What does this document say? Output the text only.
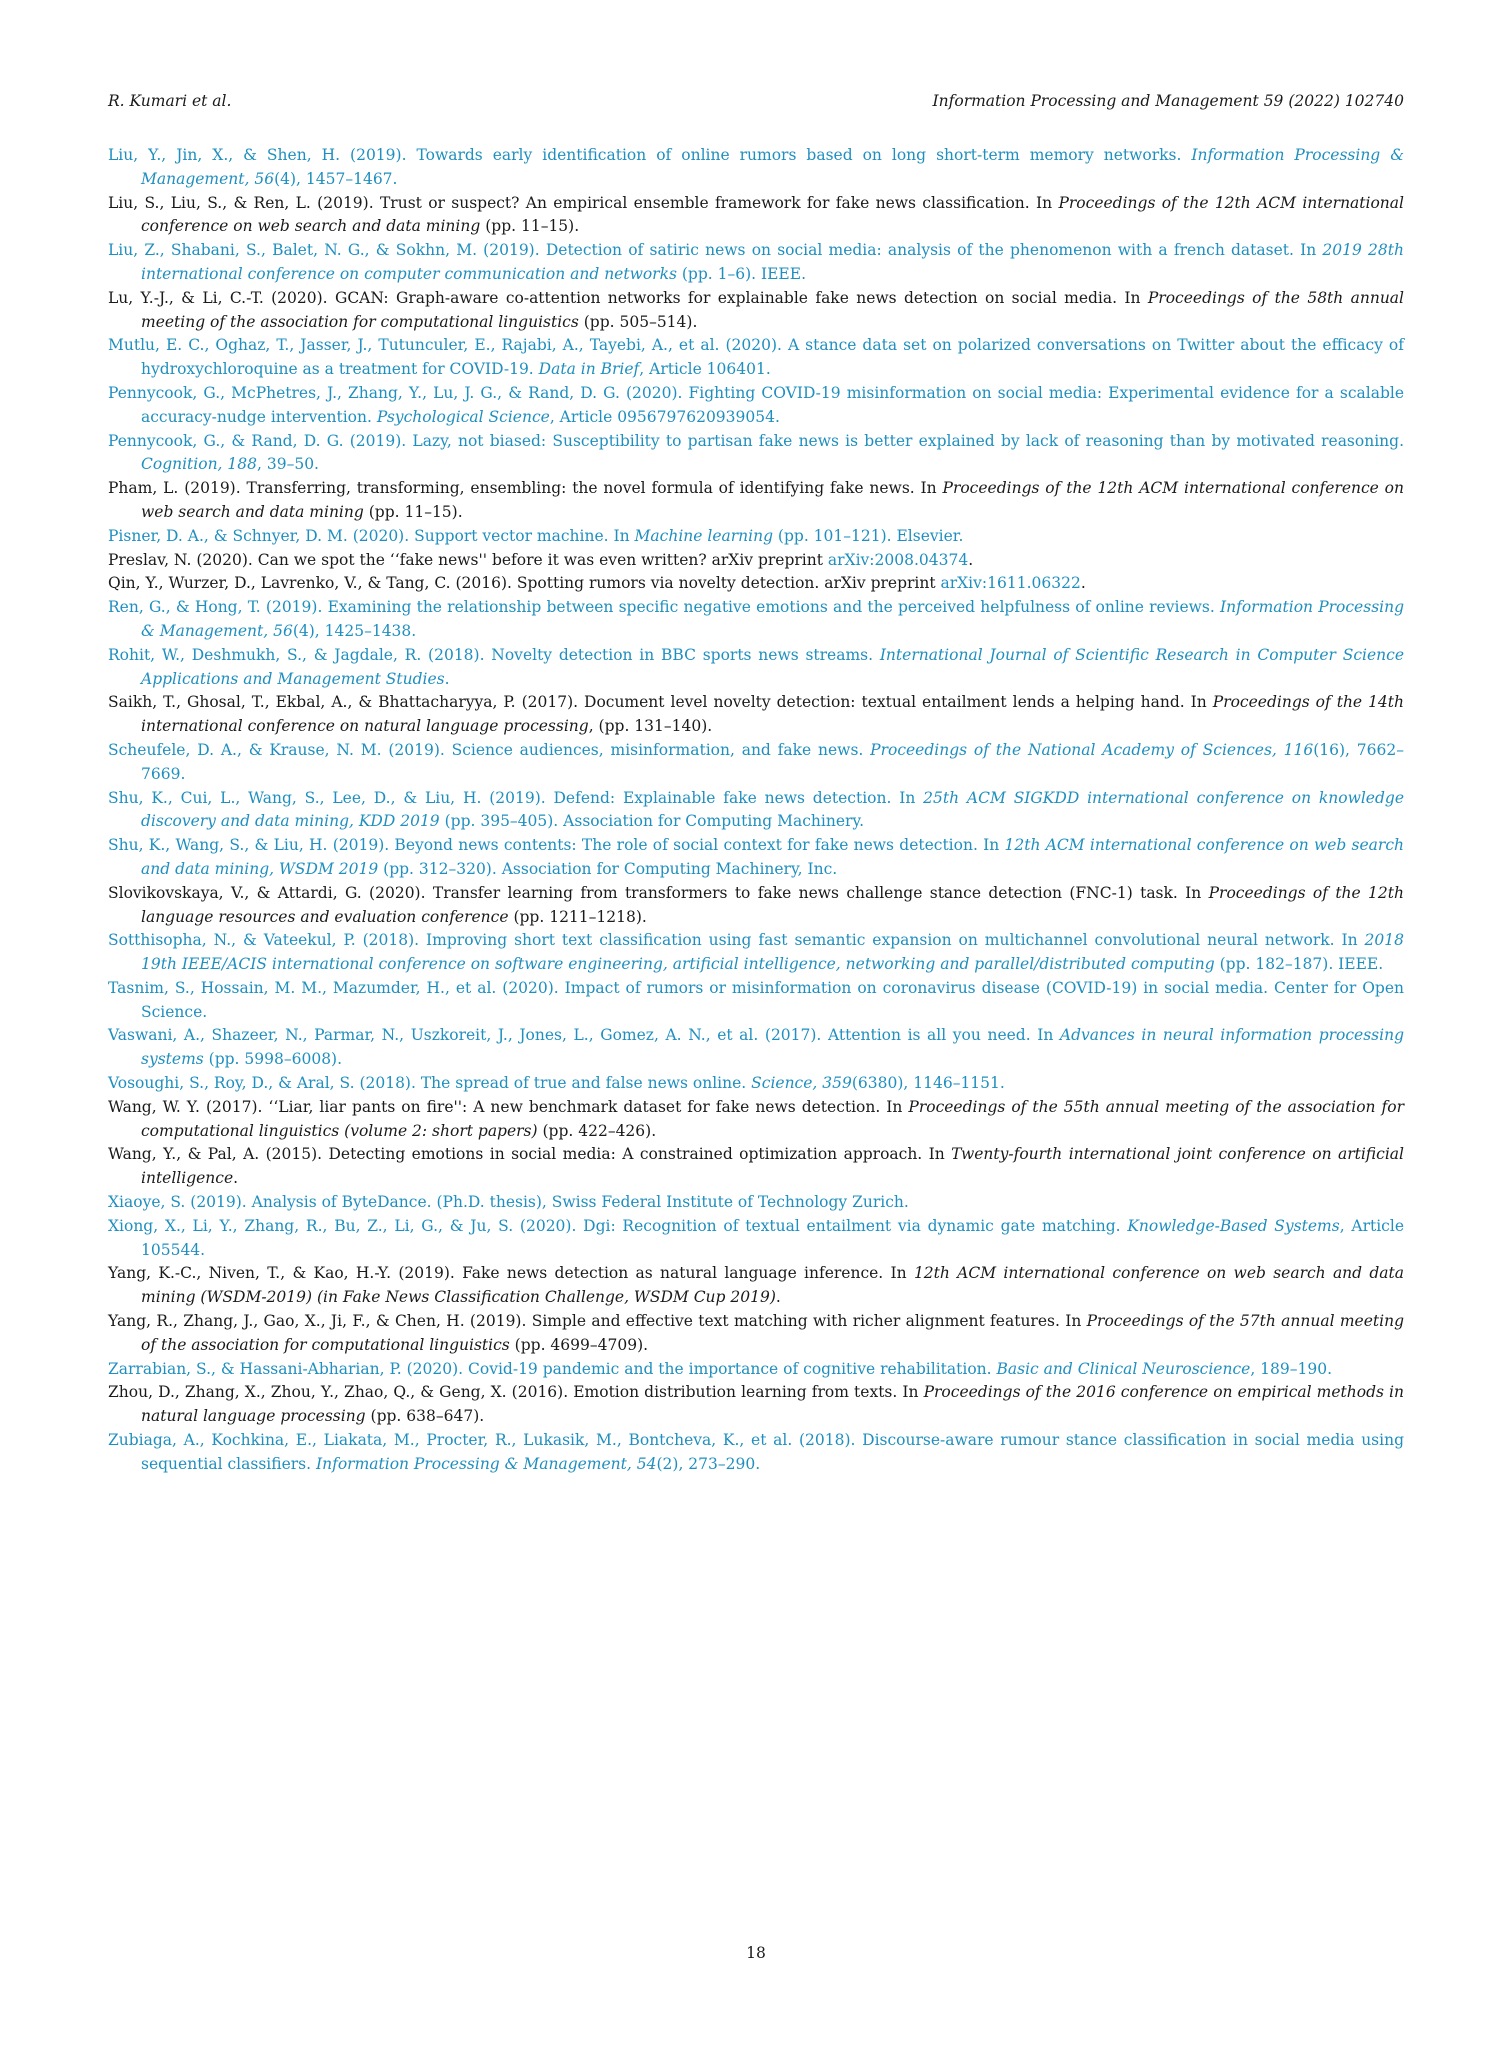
R. Kumari et al.	Information Processing and Management 59 (2022) 102740
Liu, Y., Jin, X., & Shen, H. (2019). Towards early identification of online rumors based on long short-term memory networks. Information Processing & Management, 56(4), 1457–1467.
Liu, S., Liu, S., & Ren, L. (2019). Trust or suspect? An empirical ensemble framework for fake news classification. In Proceedings of the 12th ACM international conference on web search and data mining (pp. 11–15).
Liu, Z., Shabani, S., Balet, N. G., & Sokhn, M. (2019). Detection of satiric news on social media: analysis of the phenomenon with a french dataset. In 2019 28th international conference on computer communication and networks (pp. 1–6). IEEE.
Lu, Y.-J., & Li, C.-T. (2020). GCAN: Graph-aware co-attention networks for explainable fake news detection on social media. In Proceedings of the 58th annual meeting of the association for computational linguistics (pp. 505–514).
Mutlu, E. C., Oghaz, T., Jasser, J., Tutunculer, E., Rajabi, A., Tayebi, A., et al. (2020). A stance data set on polarized conversations on Twitter about the efficacy of hydroxychloroquine as a treatment for COVID-19. Data in Brief, Article 106401.
Pennycook, G., McPhetres, J., Zhang, Y., Lu, J. G., & Rand, D. G. (2020). Fighting COVID-19 misinformation on social media: Experimental evidence for a scalable accuracy-nudge intervention. Psychological Science, Article 0956797620939054.
Pennycook, G., & Rand, D. G. (2019). Lazy, not biased: Susceptibility to partisan fake news is better explained by lack of reasoning than by motivated reasoning. Cognition, 188, 39–50.
Pham, L. (2019). Transferring, transforming, ensembling: the novel formula of identifying fake news. In Proceedings of the 12th ACM international conference on web search and data mining (pp. 11–15).
Pisner, D. A., & Schnyer, D. M. (2020). Support vector machine. In Machine learning (pp. 101–121). Elsevier.
Preslav, N. (2020). Can we spot the ‘‘fake news'' before it was even written? arXiv preprint arXiv:2008.04374.
Qin, Y., Wurzer, D., Lavrenko, V., & Tang, C. (2016). Spotting rumors via novelty detection. arXiv preprint arXiv:1611.06322.
Ren, G., & Hong, T. (2019). Examining the relationship between specific negative emotions and the perceived helpfulness of online reviews. Information Processing & Management, 56(4), 1425–1438.
Rohit, W., Deshmukh, S., & Jagdale, R. (2018). Novelty detection in BBC sports news streams. International Journal of Scientific Research in Computer Science Applications and Management Studies.
Saikh, T., Ghosal, T., Ekbal, A., & Bhattacharyya, P. (2017). Document level novelty detection: textual entailment lends a helping hand. In Proceedings of the 14th international conference on natural language processing, (pp. 131–140).
Scheufele, D. A., & Krause, N. M. (2019). Science audiences, misinformation, and fake news. Proceedings of the National Academy of Sciences, 116(16), 7662–7669.
Shu, K., Cui, L., Wang, S., Lee, D., & Liu, H. (2019). Defend: Explainable fake news detection. In 25th ACM SIGKDD international conference on knowledge discovery and data mining, KDD 2019 (pp. 395–405). Association for Computing Machinery.
Shu, K., Wang, S., & Liu, H. (2019). Beyond news contents: The role of social context for fake news detection. In 12th ACM international conference on web search and data mining, WSDM 2019 (pp. 312–320). Association for Computing Machinery, Inc.
Slovikovskaya, V., & Attardi, G. (2020). Transfer learning from transformers to fake news challenge stance detection (FNC-1) task. In Proceedings of the 12th language resources and evaluation conference (pp. 1211–1218).
Sotthisopha, N., & Vateekul, P. (2018). Improving short text classification using fast semantic expansion on multichannel convolutional neural network. In 2018 19th IEEE/ACIS international conference on software engineering, artificial intelligence, networking and parallel/distributed computing (pp. 182–187). IEEE.
Tasnim, S., Hossain, M. M., Mazumder, H., et al. (2020). Impact of rumors or misinformation on coronavirus disease (COVID-19) in social media. Center for Open Science.
Vaswani, A., Shazeer, N., Parmar, N., Uszkoreit, J., Jones, L., Gomez, A. N., et al. (2017). Attention is all you need. In Advances in neural information processing systems (pp. 5998–6008).
Vosoughi, S., Roy, D., & Aral, S. (2018). The spread of true and false news online. Science, 359(6380), 1146–1151.
Wang, W. Y. (2017). ‘‘Liar, liar pants on fire'': A new benchmark dataset for fake news detection. In Proceedings of the 55th annual meeting of the association for computational linguistics (volume 2: short papers) (pp. 422–426).
Wang, Y., & Pal, A. (2015). Detecting emotions in social media: A constrained optimization approach. In Twenty-fourth international joint conference on artificial intelligence.
Xiaoye, S. (2019). Analysis of ByteDance. (Ph.D. thesis), Swiss Federal Institute of Technology Zurich.
Xiong, X., Li, Y., Zhang, R., Bu, Z., Li, G., & Ju, S. (2020). Dgi: Recognition of textual entailment via dynamic gate matching. Knowledge-Based Systems, Article 105544.
Yang, K.-C., Niven, T., & Kao, H.-Y. (2019). Fake news detection as natural language inference. In 12th ACM international conference on web search and data mining (WSDM-2019) (in Fake News Classification Challenge, WSDM Cup 2019).
Yang, R., Zhang, J., Gao, X., Ji, F., & Chen, H. (2019). Simple and effective text matching with richer alignment features. In Proceedings of the 57th annual meeting of the association for computational linguistics (pp. 4699–4709).
Zarrabian, S., & Hassani-Abharian, P. (2020). Covid-19 pandemic and the importance of cognitive rehabilitation. Basic and Clinical Neuroscience, 189–190.
Zhou, D., Zhang, X., Zhou, Y., Zhao, Q., & Geng, X. (2016). Emotion distribution learning from texts. In Proceedings of the 2016 conference on empirical methods in natural language processing (pp. 638–647).
Zubiaga, A., Kochkina, E., Liakata, M., Procter, R., Lukasik, M., Bontcheva, K., et al. (2018). Discourse-aware rumour stance classification in social media using sequential classifiers. Information Processing & Management, 54(2), 273–290.
18
